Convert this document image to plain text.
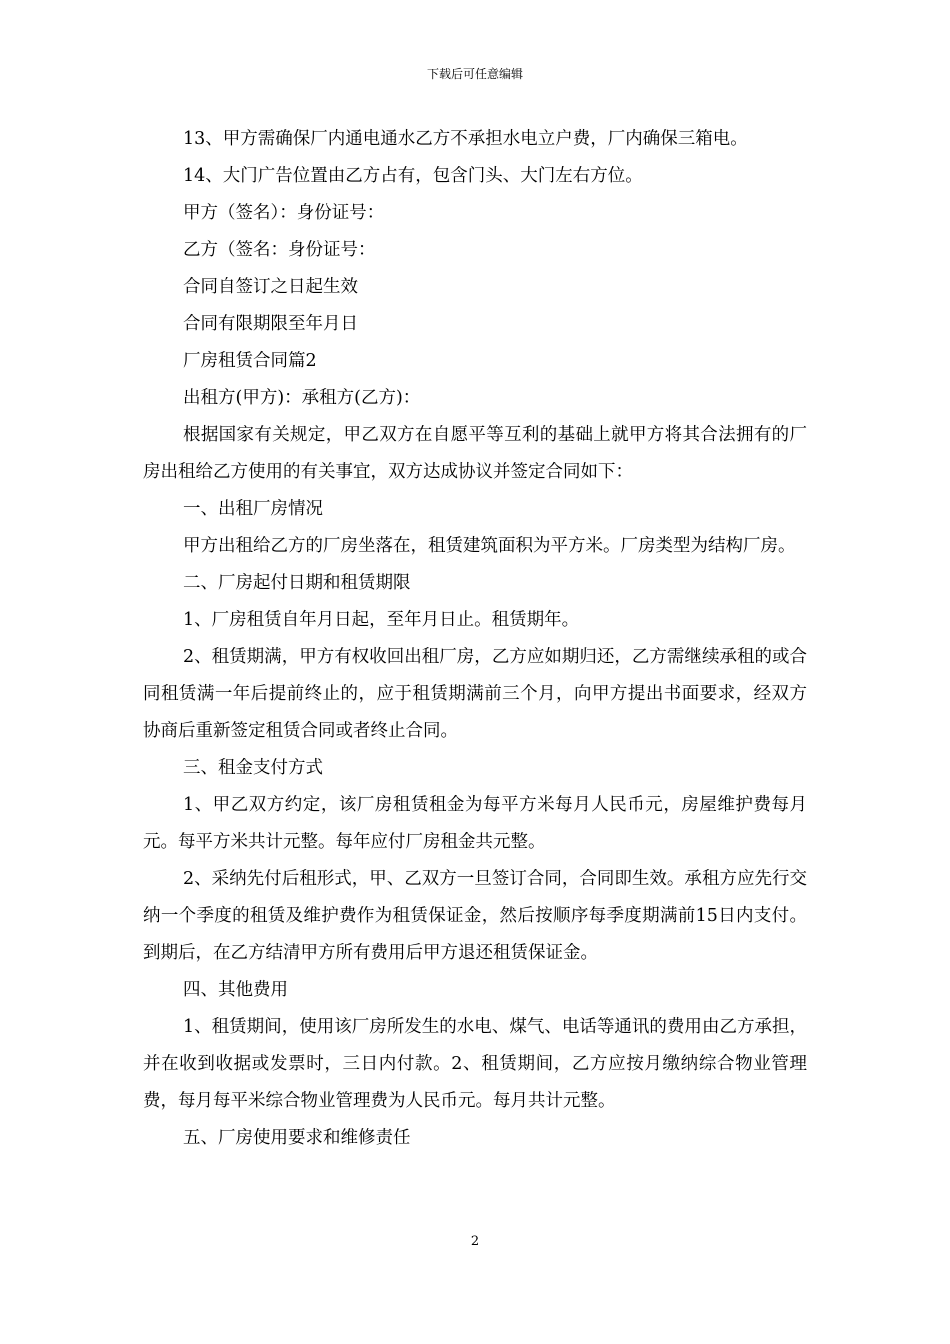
下载后可任意编辑
13、甲方需确保厂内通电通水乙方不承担水电立户费，厂内确保三箱电。
14、大门广告位置由乙方占有，包含门头、大门左右方位。
甲方（签名）：身份证号：
乙方（签名：身份证号：
合同自签订之日起生效
合同有限期限至年月日
厂房租赁合同篇2
出租方(甲方)：承租方(乙方)：
根据国家有关规定，甲乙双方在自愿平等互利的基础上就甲方将其合法拥有的厂房出租给乙方使用的有关事宜，双方达成协议并签定合同如下：
一、出租厂房情况
甲方出租给乙方的厂房坐落在，租赁建筑面积为平方米。厂房类型为结构厂房。
二、厂房起付日期和租赁期限
1、厂房租赁自年月日起，至年月日止。租赁期年。
2、租赁期满，甲方有权收回出租厂房，乙方应如期归还，乙方需继续承租的或合同租赁满一年后提前终止的，应于租赁期满前三个月，向甲方提出书面要求，经双方协商后重新签定租赁合同或者终止合同。
三、租金支付方式
1、甲乙双方约定，该厂房租赁租金为每平方米每月人民币元，房屋维护费每月元。每平方米共计元整。每年应付厂房租金共元整。
2、采纳先付后租形式，甲、乙双方一旦签订合同，合同即生效。承租方应先行交纳一个季度的租赁及维护费作为租赁保证金，然后按顺序每季度期满前15日内支付。到期后，在乙方结清甲方所有费用后甲方退还租赁保证金。
四、其他费用
1、租赁期间，使用该厂房所发生的水电、煤气、电话等通讯的费用由乙方承担，并在收到收据或发票时，三日内付款。2、租赁期间，乙方应按月缴纳综合物业管理费，每月每平米综合物业管理费为人民币元。每月共计元整。
五、厂房使用要求和维修责任
2
